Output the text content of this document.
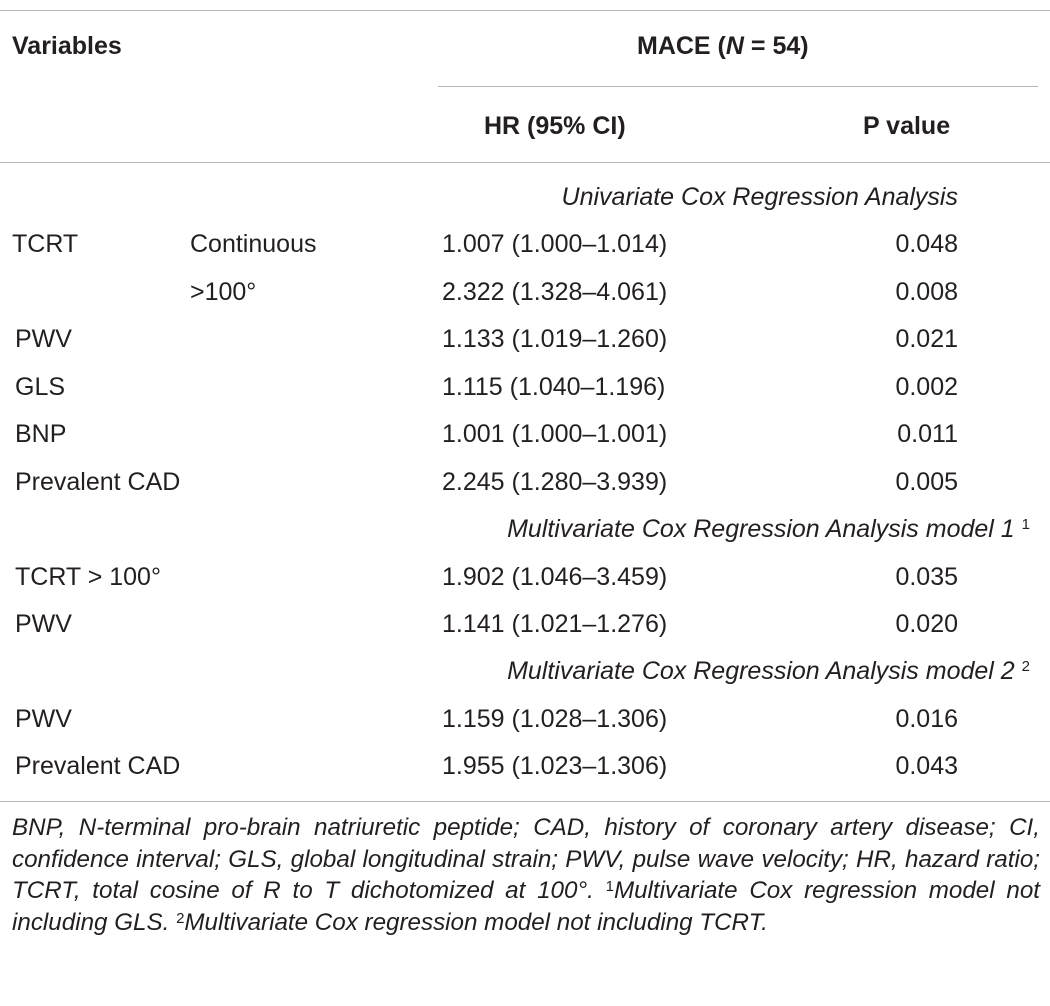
Variables	MACE (N = 54)
HR (95% CI)	P value
Univariate Cox Regression Analysis
TCRT	Continuous	1.007 (1.000–1.014)	0.048
>100°	2.322 (1.328–4.061)	0.008
PWV	1.133 (1.019–1.260)	0.021
GLS	1.115 (1.040–1.196)	0.002
BNP	1.001 (1.000–1.001)	0.011
Prevalent CAD	2.245 (1.280–3.939)	0.005
Multivariate Cox Regression Analysis model 1 $^1$
TCRT > 100°	1.902 (1.046–3.459)	0.035
PWV	1.141 (1.021–1.276)	0.020
Multivariate Cox Regression Analysis model 2 $^2$
PWV	1.159 (1.028–1.306)	0.016
Prevalent CAD	1.955 (1.023–1.306)	0.043
BNP, N-terminal pro-brain natriuretic peptide; CAD, history of coronary artery disease; CI, confidence interval; GLS, global longitudinal strain; PWV, pulse wave velocity; HR, hazard ratio; TCRT, total cosine of R to T dichotomized at 100°. $^1$Multivariate Cox regression model not including GLS. $^2$Multivariate Cox regression model not including TCRT.
